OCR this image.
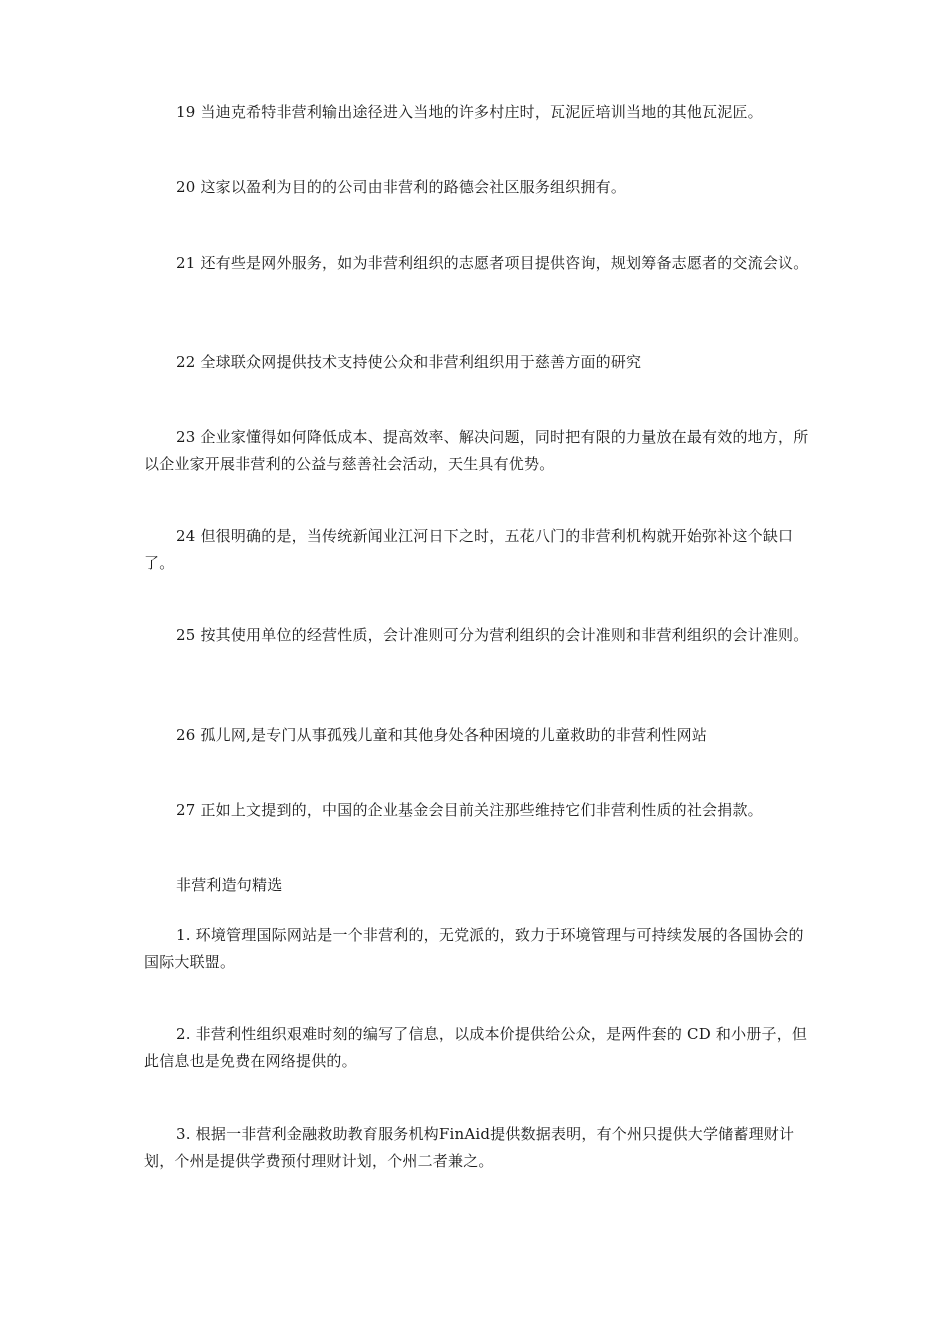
19 当迪克希特非营利输出途径进入当地的许多村庄时，瓦泥匠培训当地的其他瓦泥匠。

20 这家以盈利为目的的公司由非营利的路德会社区服务组织拥有。

21 还有些是网外服务，如为非营利组织的志愿者项目提供咨询，规划筹备志愿者的交流会议。

22 全球联众网提供技术支持使公众和非营利组织用于慈善方面的研究

23 企业家懂得如何降低成本、提高效率、解决问题，同时把有限的力量放在最有效的地方，所以企业家开展非营利的公益与慈善社会活动，天生具有优势。

24 但很明确的是，当传统新闻业江河日下之时，五花八门的非营利机构就开始弥补这个缺口了。

25 按其使用单位的经营性质，会计准则可分为营利组织的会计准则和非营利组织的会计准则。

26 孤儿网,是专门从事孤残儿童和其他身处各种困境的儿童救助的非营利性网站

27 正如上文提到的，中国的企业基金会目前关注那些维持它们非营利性质的社会捐款。

非营利造句精选

1. 环境管理国际网站是一个非营利的，无党派的，致力于环境管理与可持续发展的各国协会的国际大联盟。

2. 非营利性组织艰难时刻的编写了信息，以成本价提供给公众，是两件套的 CD 和小册子，但此信息也是免费在网络提供的。

3. 根据一非营利金融救助教育服务机构FinAid提供数据表明，有个州只提供大学储蓄理财计划，个州是提供学费预付理财计划，个州二者兼之。
